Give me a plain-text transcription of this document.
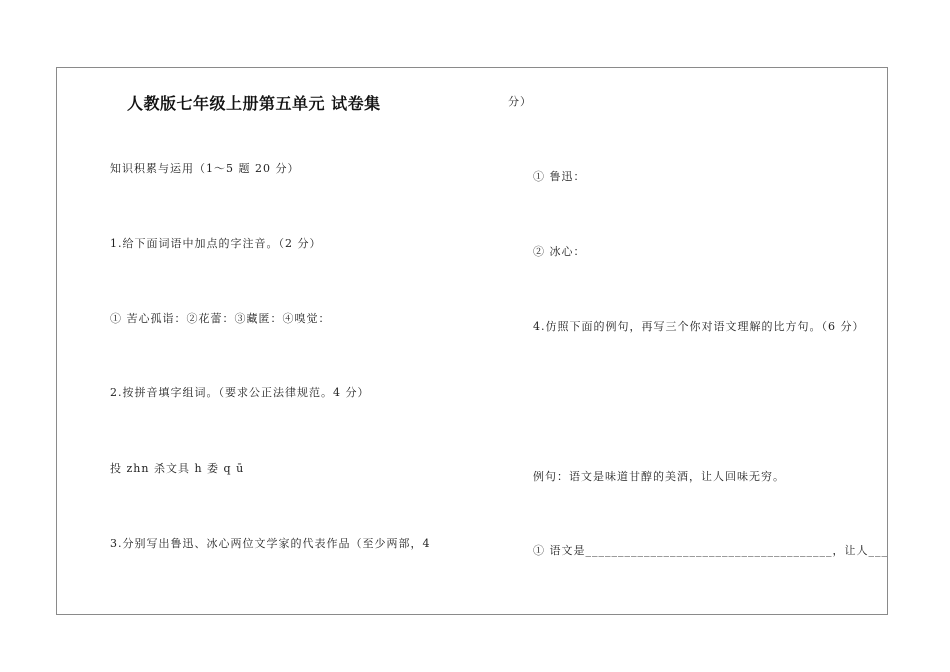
人教版七年级上册第五单元 试卷集
知识积累与运用（1～5 题 20 分）
1.给下面词语中加点的字注音。（2 分）
① 苦心孤诣：②花蕾：③藏匿：④嗅觉：
2.按拼音填字组词。（要求公正法律规范。4 分）
投 zhn 杀文具 h 委 q ū
3.分别写出鲁迅、冰心两位文学家的代表作品（至少两部，4
分）
① 鲁迅：
② 冰心：
4.仿照下面的例句，再写三个你对语文理解的比方句。（6 分）
例句：语文是味道甘醇的美酒，让人回味无穷。
① 语文是______________________________________，让人___
